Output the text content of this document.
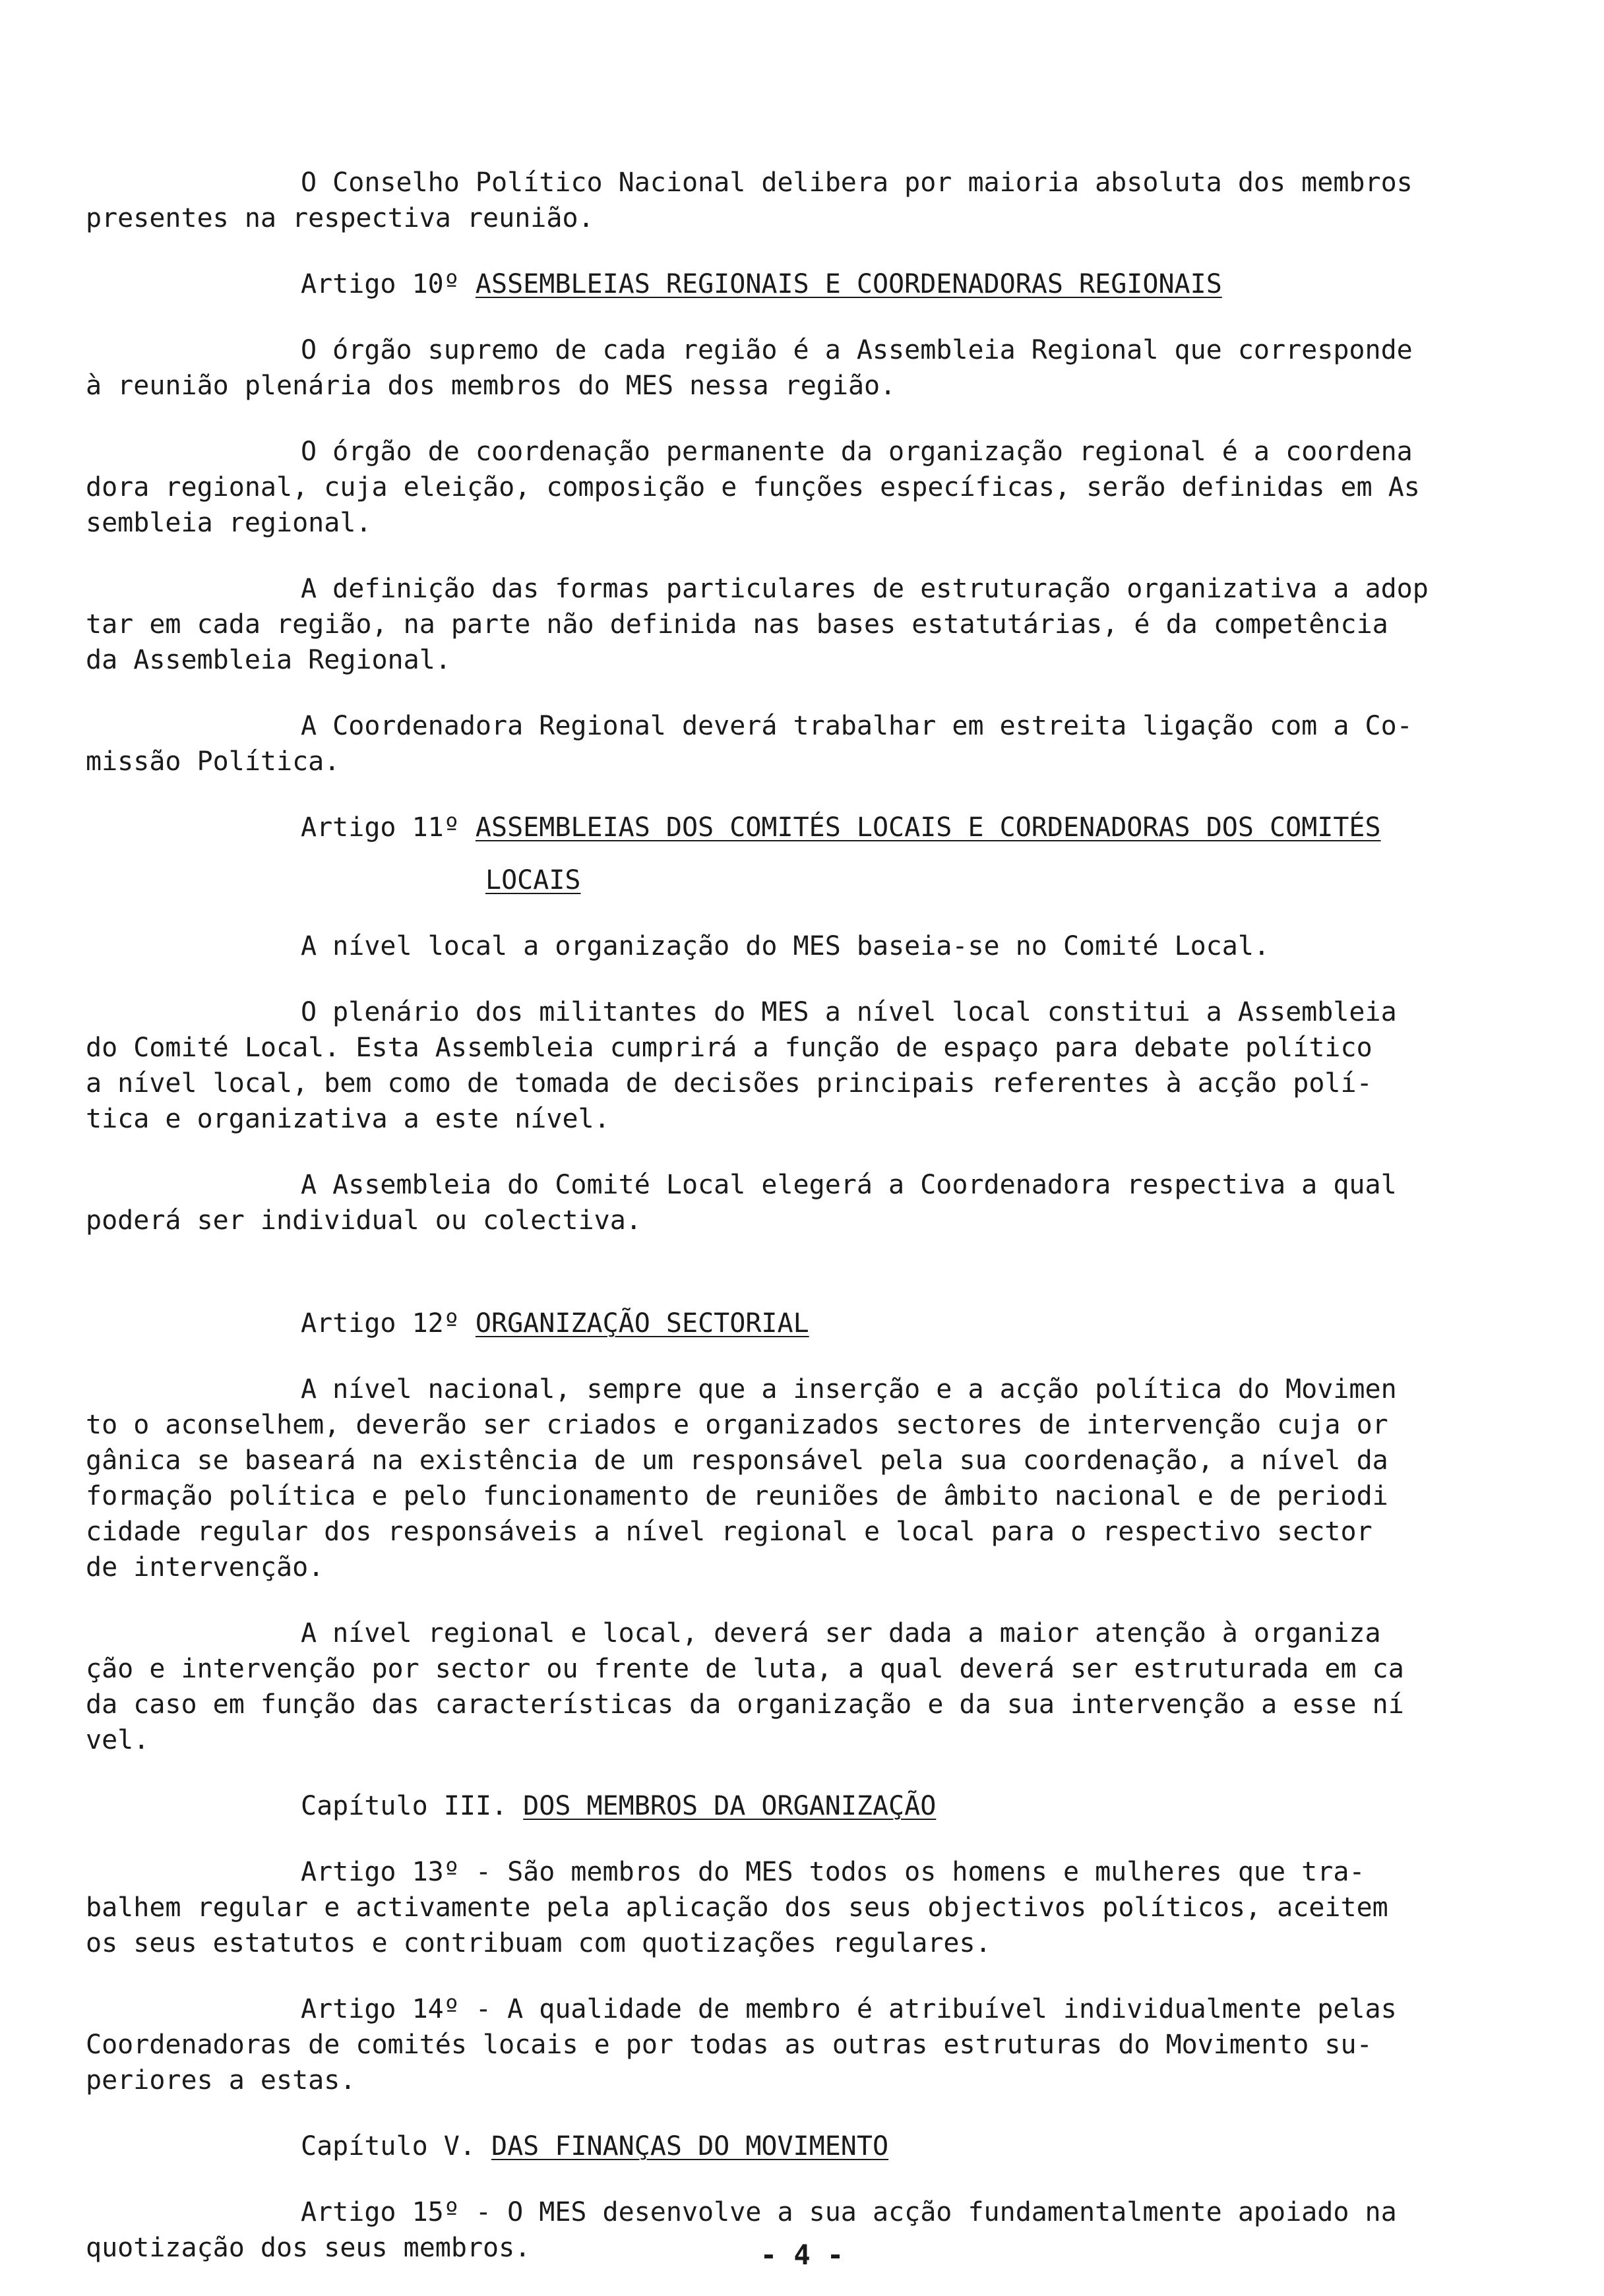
O Conselho Político Nacional delibera por maioria absoluta dos membros
presentes na respectiva reunião.
Artigo 10º ASSEMBLEIAS REGIONAIS E COORDENADORAS REGIONAIS
O órgão supremo de cada região é a Assembleia Regional que corresponde
à reunião plenária dos membros do MES nessa região.
O órgão de coordenação permanente da organização regional é a coordena
dora regional, cuja eleição, composição e funções específicas, serão definidas em As
sembleia regional.
A definição das formas particulares de estruturação organizativa a adop
tar em cada região, na parte não definida nas bases estatutárias, é da competência
da Assembleia Regional.
A Coordenadora Regional deverá trabalhar em estreita ligação com a Co-
missão Política.
Artigo 11º ASSEMBLEIAS DOS COMITÉS LOCAIS E CORDENADORAS DOS COMITÉS
LOCAIS
A nível local a organização do MES baseia-se no Comité Local.
O plenário dos militantes do MES a nível local constitui a Assembleia
do Comité Local. Esta Assembleia cumprirá a função de espaço para debate político
a nível local, bem como de tomada de decisões principais referentes à acção polí-
tica e organizativa a este nível.
A Assembleia do Comité Local elegerá a Coordenadora respectiva a qual
poderá ser individual ou colectiva.
Artigo 12º ORGANIZAÇÃO SECTORIAL
A nível nacional, sempre que a inserção e a acção política do Movimen
to o aconselhem, deverão ser criados e organizados sectores de intervenção cuja or
gânica se baseará na existência de um responsável pela sua coordenação, a nível da
formação política e pelo funcionamento de reuniões de âmbito nacional e de periodi
cidade regular dos responsáveis a nível regional e local para o respectivo sector
de intervenção.
A nível regional e local, deverá ser dada a maior atenção à organiza
ção e intervenção por sector ou frente de luta, a qual deverá ser estruturada em ca
da caso em função das características da organização e da sua intervenção a esse ní
vel.
Capítulo III. DOS MEMBROS DA ORGANIZAÇÃO
Artigo 13º - São membros do MES todos os homens e mulheres que tra-
balhem regular e activamente pela aplicação dos seus objectivos políticos, aceitem
os seus estatutos e contribuam com quotizações regulares.
Artigo 14º - A qualidade de membro é atribuível individualmente pelas
Coordenadoras de comités locais e por todas as outras estruturas do Movimento su-
periores a estas.
Capítulo V. DAS FINANÇAS DO MOVIMENTO
Artigo 15º - O MES desenvolve a sua acção fundamentalmente apoiado na
quotização dos seus membros.	- 4 -
